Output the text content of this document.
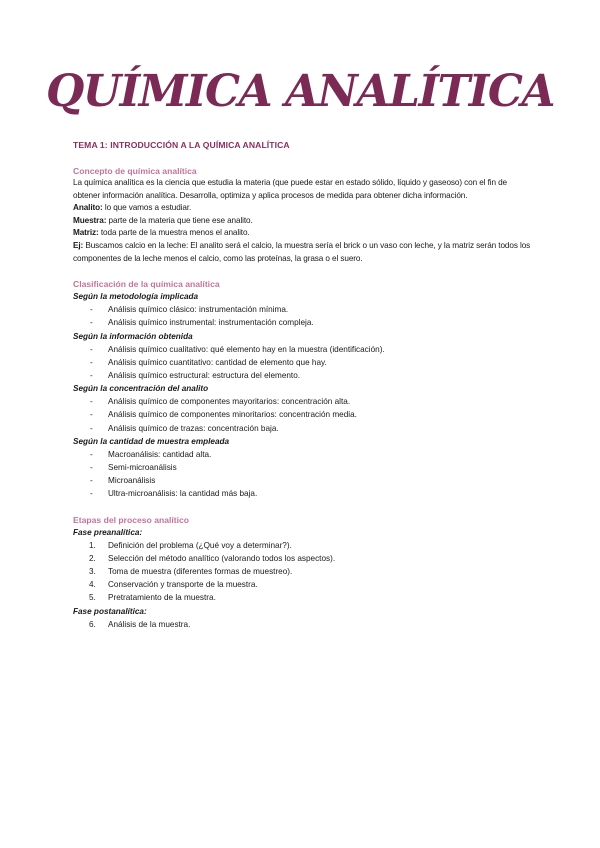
QUÍMICA ANALÍTICA
TEMA 1: INTRODUCCIÓN A LA QUÍMICA ANALÍTICA
Concepto de química analítica

La química analítica es la ciencia que estudia la materia (que puede estar en estado sólido, líquido y gaseoso) con el fin de obtener información analítica. Desarrolla, optimiza y aplica procesos de medida para obtener dicha información.

Analito: lo que vamos a estudiar.

Muestra: parte de la materia que tiene ese analito.

Matriz: toda parte de la muestra menos el analito.

Ej: Buscamos calcio en la leche: El analito será el calcio, la muestra sería el brick o un vaso con leche, y la matriz serán todos los componentes de la leche menos el calcio, como las proteínas, la grasa o el suero.

Clasificación de la química analítica
Según la metodología implicada
- Análisis químico clásico: instrumentación mínima.
- Análisis químico instrumental: instrumentación compleja.
Según la información obtenida
- Análisis químico cualitativo: qué elemento hay en la muestra (identificación).
- Análisis químico cuantitativo: cantidad de elemento que hay.
- Análisis químico estructural: estructura del elemento.
Según la concentración del analito
- Análisis químico de componentes mayoritarios: concentración alta.
- Análisis químico de componentes minoritarios: concentración media.
- Análisis químico de trazas: concentración baja.
Según la cantidad de muestra empleada
- Macroanálisis: cantidad alta.
- Semi-microanálisis
- Microanálisis
- Ultra-microanálisis: la cantidad más baja.
Etapas del proceso analítico
Fase preanalítica:
1. Definición del problema (¿Qué voy a determinar?).
2. Selección del método analítico (valorando todos los aspectos).
3. Toma de muestra (diferentes formas de muestreo).
4. Conservación y transporte de la muestra.
5. Pretratamiento de la muestra.
Fase postanalítica:
6. Análisis de la muestra.
